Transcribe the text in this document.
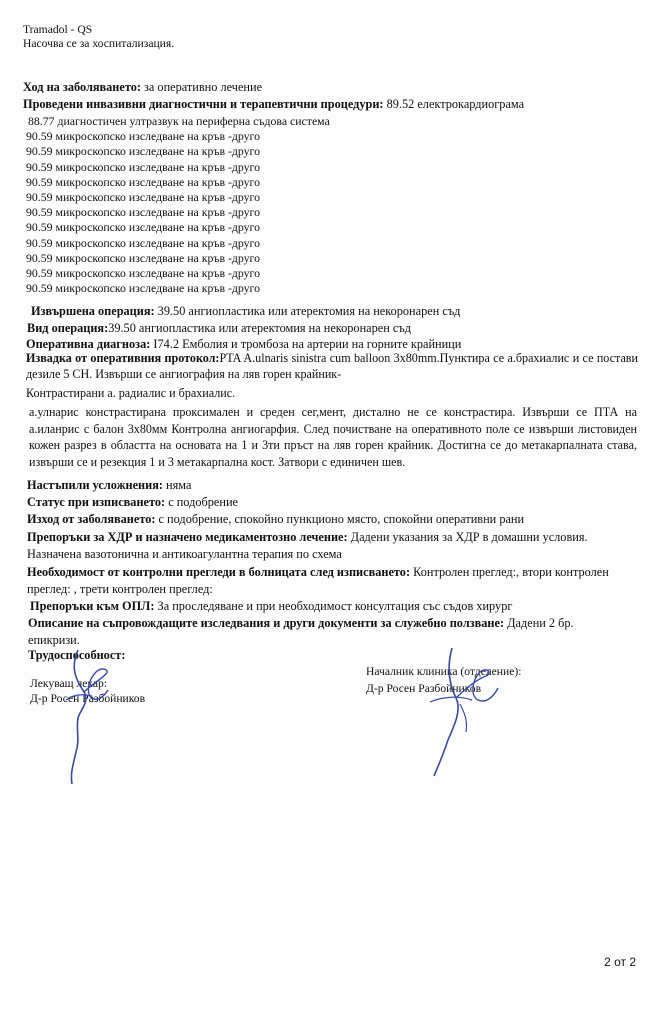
Tramadol - QS
Насочва се за хоспитализация.
Ход на заболяването: за оперативно лечение
Проведени инвазивни диагностични и терапевтични процедури: 89.52 електрокардиограма
88.77 диагностичен ултразвук на периферна съдова система
90.59 микроскопско изследване на кръв -друго
90.59 микроскопско изследване на кръв -друго
90.59 микроскопско изследване на кръв -друго
90.59 микроскопско изследване на кръв -друго
90.59 микроскопско изследване на кръв -друго
90.59 микроскопско изследване на кръв -друго
90.59 микроскопско изследване на кръв -друго
90.59 микроскопско изследване на кръв -друго
90.59 микроскопско изследване на кръв -друго
90.59 микроскопско изследване на кръв -друго
90.59 микроскопско изследване на кръв -друго
Извършена операция: 39.50 ангиопластика или атеректомия на некоронарен съд
Вид операция:39.50 ангиопластика или атеректомия на некоронарен съд
Оперативна диагноза: I74.2 Емболия и тромбоза на артерии на горните крайници
Извадка от оперативния протокол:PTA A.ulnaris sinistra cum balloon 3x80mm.Пунктира се а.брахиалис и се постави дезиле 5 CH. Извърши се ангиография на ляв горен крайник-
Контрастирани а. радиалис и брахиалис.
а.улнарис констрастирана проксимален и среден сег,мент, дистално не се констрастира. Извърши се ПТА на а.иланрис с балон 3х80мм Контролна ангиогарфия. След почистване на оперативното поле се извърши листовиден кожен разрез в областта на основата на 1 и 3ти пръст на ляв горен крайник. Достигна се до метакарпалната става, извърши се и резекция 1 и 3 метакарпална кост. Затвори с единичен шев.
Настъпили усложнения: няма
Статус при изписването: с подобрение
Изход от заболяването: с подобрение, спокойно пункционо място, спокойни оперативни рани
Препоръки за ХДР и назначено медикаментозно лечение: Дадени указания за ХДР в домашни условия.
Назначена вазотонична и антикоагулантна терапия по схема
Необходимост от контролни прегледи в болницата след изписването: Контролен преглед:, втори контролен
преглед: , трети контролен преглед:
Препоръки към ОПЛ: За проследяване и при необходимост консултация със съдов хирург
Описание на съпровождащите изследвания и други документи за служебно ползване: Дадени 2 бр.
епикризи.
Трудоспособност:
Лекуващ лекар:
Д-р Росен Разбойников
Началник клиника (отделение):
Д-р Росен Разбойников
2 от 2
